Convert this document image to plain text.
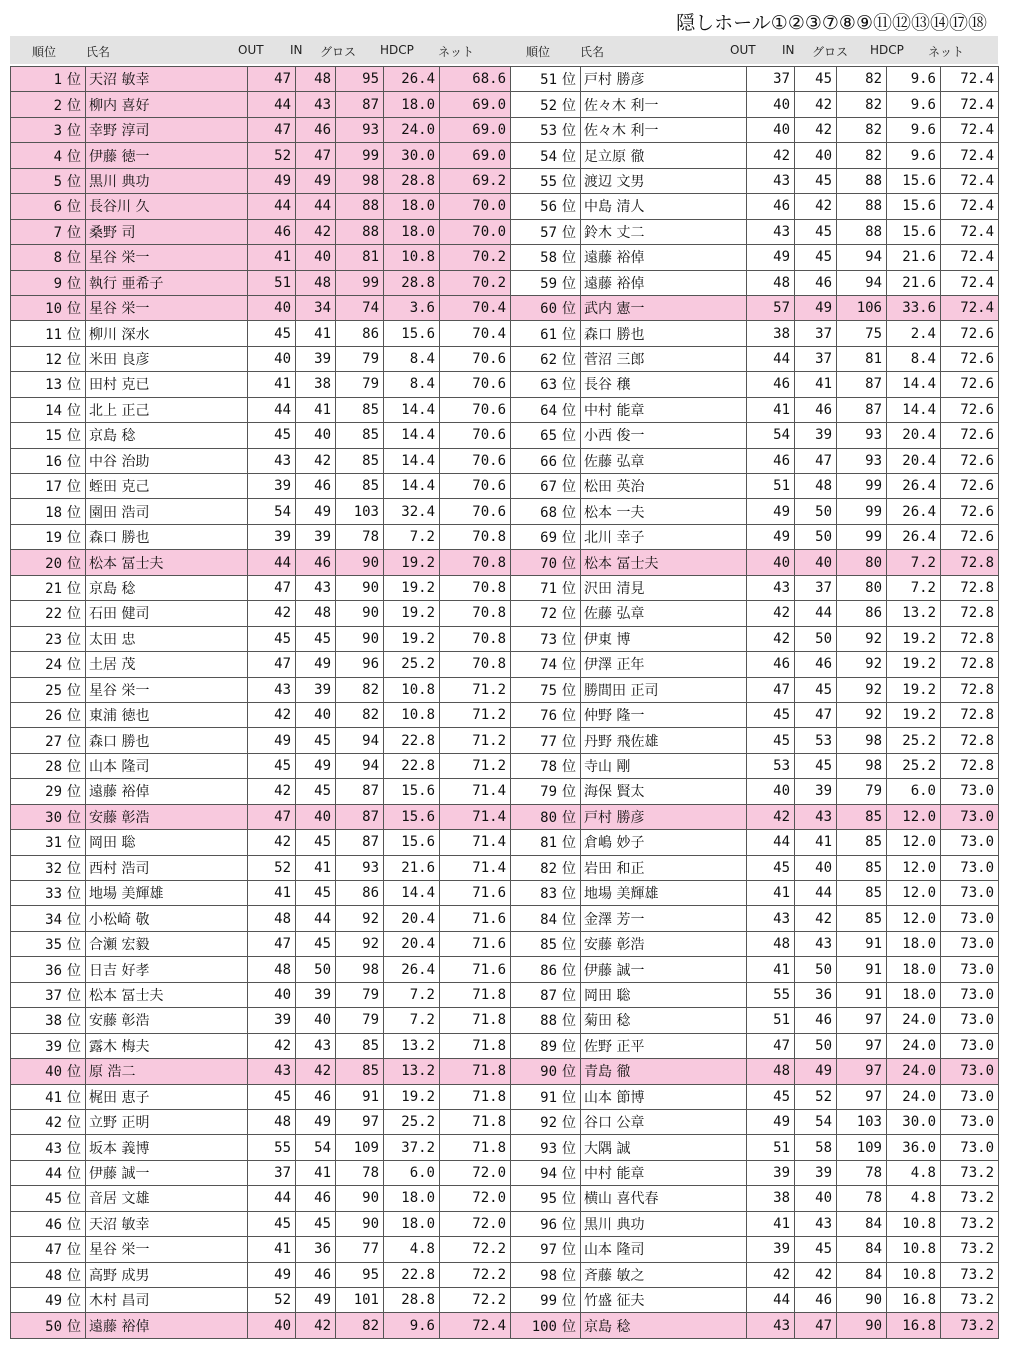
隠しホール①②③⑦⑧⑨⑪⑫⑬⑭⑰⑱
順位 氏名	OUT IN グロス HDCP ネット	順位 氏名	OUT IN グロス HDCP ネット
1 位	天沼 敏幸	47	48	95	26.4	68.6	51 位	戸村 勝彦	37	45	82	9.6	72.4
2 位	柳内 喜好	44	43	87	18.0	69.0	52 位	佐々木 利一	40	42	82	9.6	72.4
3 位	幸野 淳司	47	46	93	24.0	69.0	53 位	佐々木 利一	40	42	82	9.6	72.4
4 位	伊藤 徳一	52	47	99	30.0	69.0	54 位	足立原 徹	42	40	82	9.6	72.4
5 位	黒川 典功	49	49	98	28.8	69.2	55 位	渡辺 文男	43	45	88	15.6	72.4
6 位	長谷川 久	44	44	88	18.0	70.0	56 位	中島 清人	46	42	88	15.6	72.4
7 位	桑野 司	46	42	88	18.0	70.0	57 位	鈴木 丈二	43	45	88	15.6	72.4
8 位	星谷 栄一	41	40	81	10.8	70.2	58 位	遠藤 裕倬	49	45	94	21.6	72.4
9 位	執行 亜希子	51	48	99	28.8	70.2	59 位	遠藤 裕倬	48	46	94	21.6	72.4
10 位	星谷 栄一	40	34	74	3.6	70.4	60 位	武内 憲一	57	49	106	33.6	72.4
11 位	柳川 深水	45	41	86	15.6	70.4	61 位	森口 勝也	38	37	75	2.4	72.6
12 位	米田 良彦	40	39	79	8.4	70.6	62 位	菅沼 三郎	44	37	81	8.4	72.6
13 位	田村 克已	41	38	79	8.4	70.6	63 位	長谷 穣	46	41	87	14.4	72.6
14 位	北上 正己	44	41	85	14.4	70.6	64 位	中村 能章	41	46	87	14.4	72.6
15 位	京島 稔	45	40	85	14.4	70.6	65 位	小西 俊一	54	39	93	20.4	72.6
16 位	中谷 治助	43	42	85	14.4	70.6	66 位	佐藤 弘章	46	47	93	20.4	72.6
17 位	蛭田 克己	39	46	85	14.4	70.6	67 位	松田 英治	51	48	99	26.4	72.6
18 位	園田 浩司	54	49	103	32.4	70.6	68 位	松本 一夫	49	50	99	26.4	72.6
19 位	森口 勝也	39	39	78	7.2	70.8	69 位	北川 幸子	49	50	99	26.4	72.6
20 位	松本 冨士夫	44	46	90	19.2	70.8	70 位	松本 冨士夫	40	40	80	7.2	72.8
21 位	京島 稔	47	43	90	19.2	70.8	71 位	沢田 清見	43	37	80	7.2	72.8
22 位	石田 健司	42	48	90	19.2	70.8	72 位	佐藤 弘章	42	44	86	13.2	72.8
23 位	太田 忠	45	45	90	19.2	70.8	73 位	伊東 博	42	50	92	19.2	72.8
24 位	土居 茂	47	49	96	25.2	70.8	74 位	伊澤 正年	46	46	92	19.2	72.8
25 位	星谷 栄一	43	39	82	10.8	71.2	75 位	勝間田 正司	47	45	92	19.2	72.8
26 位	東浦 徳也	42	40	82	10.8	71.2	76 位	仲野 隆一	45	47	92	19.2	72.8
27 位	森口 勝也	49	45	94	22.8	71.2	77 位	丹野 飛佐雄	45	53	98	25.2	72.8
28 位	山本 隆司	45	49	94	22.8	71.2	78 位	寺山 剛	53	45	98	25.2	72.8
29 位	遠藤 裕倬	42	45	87	15.6	71.4	79 位	海保 賢太	40	39	79	6.0	73.0
30 位	安藤 彰浩	47	40	87	15.6	71.4	80 位	戸村 勝彦	42	43	85	12.0	73.0
31 位	岡田 聡	42	45	87	15.6	71.4	81 位	倉嶋 妙子	44	41	85	12.0	73.0
32 位	西村 浩司	52	41	93	21.6	71.4	82 位	岩田 和正	45	40	85	12.0	73.0
33 位	地場 美輝雄	41	45	86	14.4	71.6	83 位	地場 美輝雄	41	44	85	12.0	73.0
34 位	小松崎 敬	48	44	92	20.4	71.6	84 位	金澤 芳一	43	42	85	12.0	73.0
35 位	合瀬 宏毅	47	45	92	20.4	71.6	85 位	安藤 彰浩	48	43	91	18.0	73.0
36 位	日吉 好孝	48	50	98	26.4	71.6	86 位	伊藤 誠一	41	50	91	18.0	73.0
37 位	松本 冨士夫	40	39	79	7.2	71.8	87 位	岡田 聡	55	36	91	18.0	73.0
38 位	安藤 彰浩	39	40	79	7.2	71.8	88 位	菊田 稔	51	46	97	24.0	73.0
39 位	露木 梅夫	42	43	85	13.2	71.8	89 位	佐野 正平	47	50	97	24.0	73.0
40 位	原 浩二	43	42	85	13.2	71.8	90 位	青島 徹	48	49	97	24.0	73.0
41 位	梶田 恵子	45	46	91	19.2	71.8	91 位	山本 節博	45	52	97	24.0	73.0
42 位	立野 正明	48	49	97	25.2	71.8	92 位	谷口 公章	49	54	103	30.0	73.0
43 位	坂本 義博	55	54	109	37.2	71.8	93 位	大隅 誠	51	58	109	36.0	73.0
44 位	伊藤 誠一	37	41	78	6.0	72.0	94 位	中村 能章	39	39	78	4.8	73.2
45 位	音居 文雄	44	46	90	18.0	72.0	95 位	横山 喜代春	38	40	78	4.8	73.2
46 位	天沼 敏幸	45	45	90	18.0	72.0	96 位	黒川 典功	41	43	84	10.8	73.2
47 位	星谷 栄一	41	36	77	4.8	72.2	97 位	山本 隆司	39	45	84	10.8	73.2
48 位	高野 成男	49	46	95	22.8	72.2	98 位	斉藤 敏之	42	42	84	10.8	73.2
49 位	木村 昌司	52	49	101	28.8	72.2	99 位	竹盛 征夫	44	46	90	16.8	73.2
50 位	遠藤 裕倬	40	42	82	9.6	72.4	100 位	京島 稔	43	47	90	16.8	73.2
